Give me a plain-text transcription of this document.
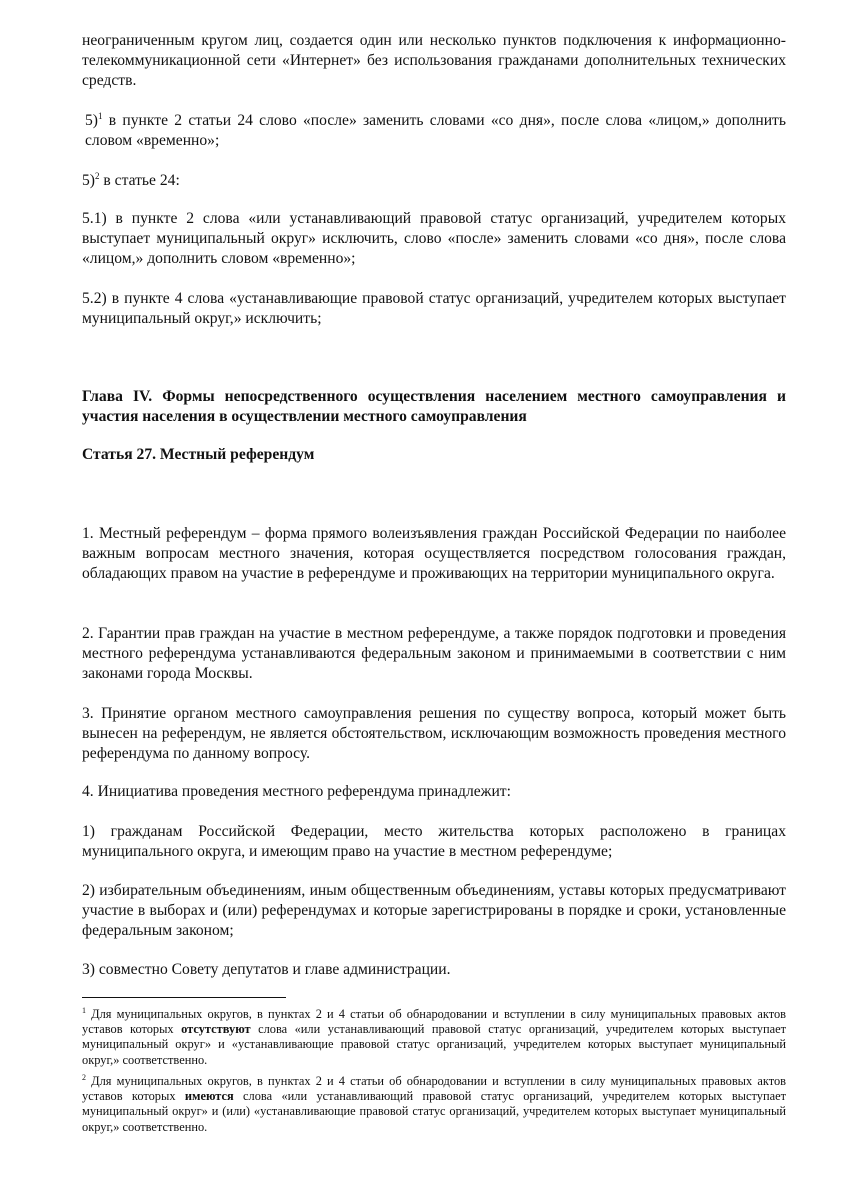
неограниченным кругом лиц, создается один или несколько пунктов подключения к информационно-телекоммуникационной сети «Интернет» без использования гражданами дополнительных технических средств.

5)$^1$ в пункте 2 статьи 24 слово «после» заменить словами «со дня», после слова «лицом,» дополнить словом «временно»;

5)$^2$ в статье 24:

5.1) в пункте 2 слова «или устанавливающий правовой статус организаций, учредителем которых выступает муниципальный округ» исключить, слово «после» заменить словами «со дня», после слова «лицом,» дополнить словом «временно»;

5.2) в пункте 4 слова «устанавливающие правовой статус организаций, учредителем которых выступает муниципальный округ,» исключить;

Глава IV. Формы непосредственного осуществления населением местного самоуправления и участия населения в осуществлении местного самоуправления

Статья 27. Местный референдум

1. Местный референдум – форма прямого волеизъявления граждан Российской Федерации по наиболее важным вопросам местного значения, которая осуществляется посредством голосования граждан, обладающих правом на участие в референдуме и проживающих на территории муниципального округа.

2. Гарантии прав граждан на участие в местном референдуме, а также порядок подготовки и проведения местного референдума устанавливаются федеральным законом и принимаемыми в соответствии с ним законами города Москвы.

3. Принятие органом местного самоуправления решения по существу вопроса, который может быть вынесен на референдум, не является обстоятельством, исключающим возможность проведения местного референдума по данному вопросу.

4. Инициатива проведения местного референдума принадлежит:

1) гражданам Российской Федерации, место жительства которых расположено в границах муниципального округа, и имеющим право на участие в местном референдуме;

2) избирательным объединениям, иным общественным объединениям, уставы которых предусматривают участие в выборах и (или) референдумах и которые зарегистрированы в порядке и сроки, установленные федеральным законом;

3) совместно Совету депутатов и главе администрации.

$^1$ Для муниципальных округов, в пунктах 2 и 4 статьи об обнародовании и вступлении в силу муниципальных правовых актов уставов которых отсутствуют слова «или устанавливающий правовой статус организаций, учредителем которых выступает муниципальный округ» и «устанавливающие правовой статус организаций, учредителем которых выступает муниципальный округ,» соответственно.

$^2$ Для муниципальных округов, в пунктах 2 и 4 статьи об обнародовании и вступлении в силу муниципальных правовых актов уставов которых имеются слова «или устанавливающий правовой статус организаций, учредителем которых выступает муниципальный округ» и (или) «устанавливающие правовой статус организаций, учредителем которых выступает муниципальный округ,» соответственно.
